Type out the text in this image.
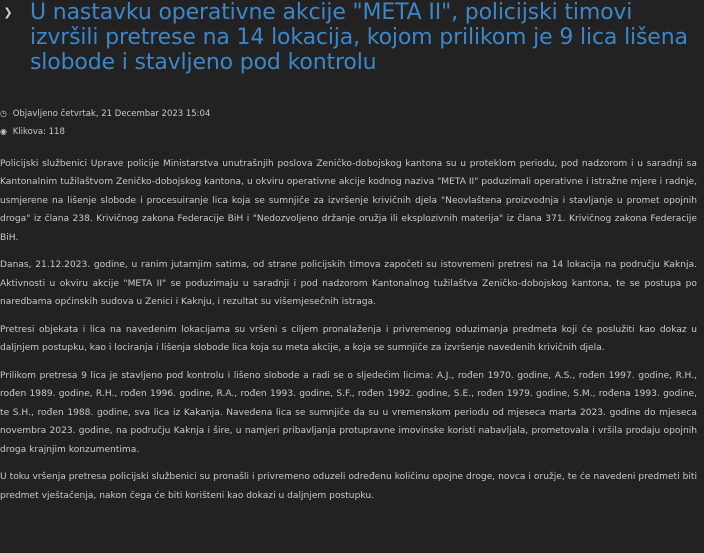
❯ U nastavku operativne akcije "META II", policijski timovi izvršili pretrese na 14 lokacija, kojom prilikom je 9 lica lišena slobode i stavljeno pod kontrolu
◷ Objavljeno četvrtak, 21 Decembar 2023 15:04
◉ Klikova: 118

Policijski službenici Uprave policije Ministarstva unutrašnjih poslova Zeničko-dobojskog kantona su u proteklom periodu, pod nadzorom i u saradnji sa Kantonalnim tužilaštvom Zeničko-dobojskog kantona, u okviru operativne akcije kodnog naziva "META II" poduzimali operativne i istražne mjere i radnje, usmjerene na lišenje slobode i procesuiranje lica koja se sumnjiče za izvršenje krivičnih djela "Neovlaštena proizvodnja i stavljanje u promet opojnih droga" iz člana 238. Krivičnog zakona Federacije BiH i "Nedozvoljeno držanje oružja ili eksplozivnih materija" iz člana 371. Krivičnog zakona Federacije BiH.

Danas, 21.12.2023. godine, u ranim jutarnjim satima, od strane policijskih timova započeti su istovremeni pretresi na 14 lokacija na području Kaknja. Aktivnosti u okviru akcije "META II" se poduzimaju u saradnji i pod nadzorom Kantonalnog tužilaštva Zeničko-dobojskog kantona, te se postupa po naredbama općinskih sudova u Zenici i Kaknju, i rezultat su višemjesečnih istraga.

Pretresi objekata i lica na navedenim lokacijama su vršeni s ciljem pronalaženja i privremenog oduzimanja predmeta koji će poslužiti kao dokaz u daljnjem postupku, kao i lociranja i lišenja slobode lica koja su meta akcije, a koja se sumnjiče za izvršenje navedenih krivičnih djela.

Prilikom pretresa 9 lica je stavljeno pod kontrolu i lišeno slobode a radi se o sljedećim licima: A.J., rođen 1970. godine, A.S., rođen 1997. godine, R.H., rođen 1989. godine, R.H., rođen 1996. godine, R.A., rođen 1993. godine, S.F., rođen 1992. godine, S.E., rođen 1979. godine, S.M., rođena 1993. godine, te S.H., rođen 1988. godine, sva lica iz Kakanja. Navedena lica se sumnjiče da su u vremenskom periodu od mjeseca marta 2023. godine do mjeseca novembra 2023. godine, na području Kaknja i šire, u namjeri pribavljanja protupravne imovinske koristi nabavljala, prometovala i vršila prodaju opojnih droga krajnjim konzumentima.

U toku vršenja pretresa policijski službenici su pronašli i privremeno oduzeli određenu količinu opojne droge, novca i oružje, te će navedeni predmeti biti predmet vještačenja, nakon čega će biti korišteni kao dokazi u daljnjem postupku.
